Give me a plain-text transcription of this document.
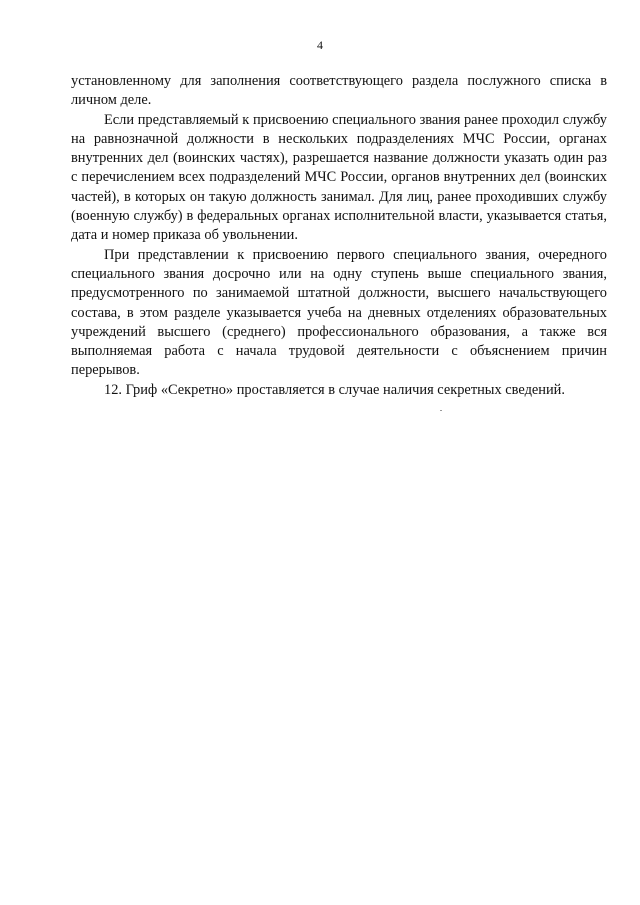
4

установленному для заполнения соответствующего раздела послужного списка в личном деле.

Если представляемый к присвоению специального звания ранее проходил службу на равнозначной должности в нескольких подразделениях МЧС России, органах внутренних дел (воинских частях), разрешается название должности указать один раз с перечислением всех подразделений МЧС России, органов внутренних дел (воинских частей), в которых он такую должность занимал. Для лиц, ранее проходивших службу (военную службу) в федеральных органах исполнительной власти, указывается статья, дата и номер приказа об увольнении.

При представлении к присвоению первого специального звания, очередного специального звания досрочно или на одну ступень выше специального звания, предусмотренного по занимаемой штатной должности, высшего начальствующего состава, в этом разделе указывается учеба на дневных отделениях образовательных учреждений высшего (среднего) профессионального образования, а также вся выполняемая работа с начала трудовой деятельности с объяснением причин перерывов.

12. Гриф «Секретно» проставляется в случае наличия секретных сведений.
